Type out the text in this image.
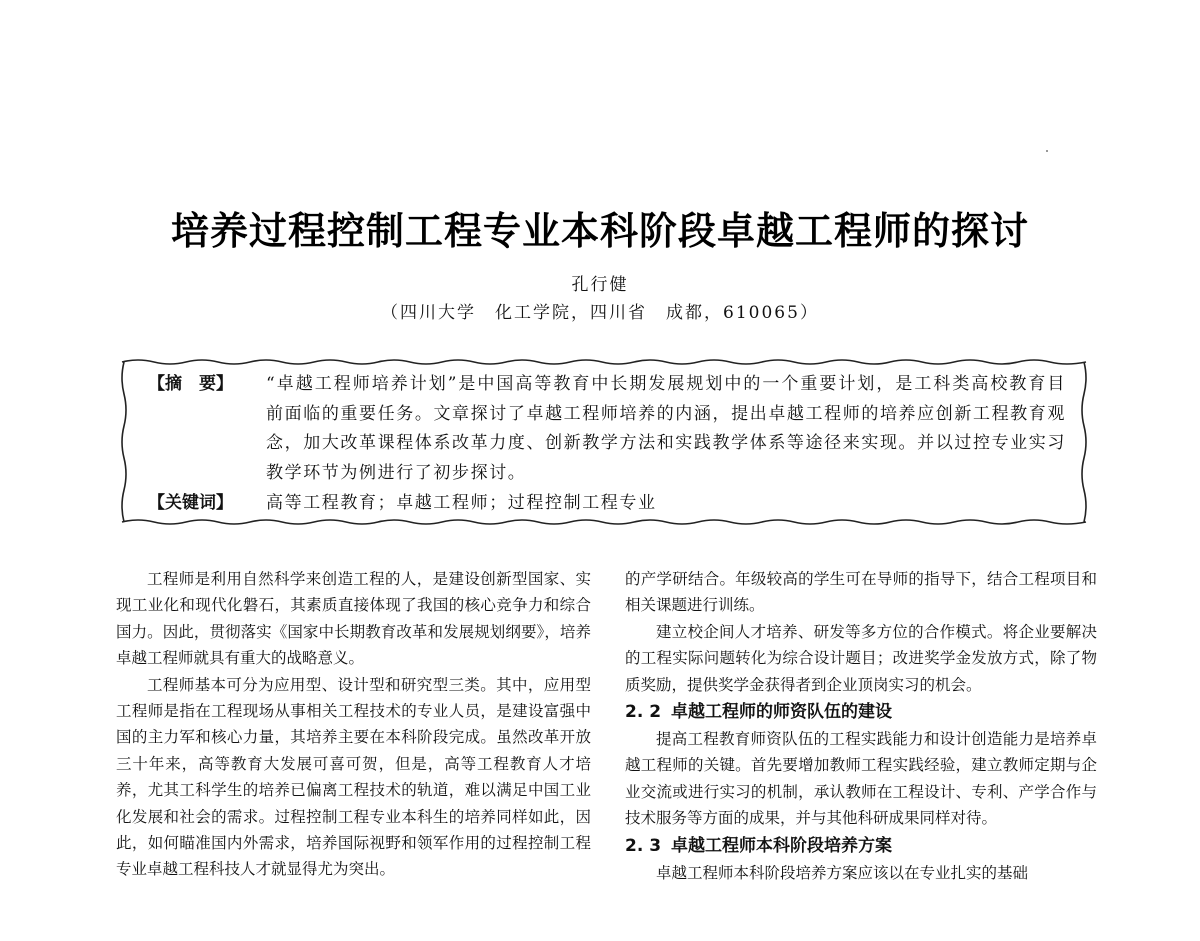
培养过程控制工程专业本科阶段卓越工程师的探讨
孔行健
（四川大学　化工学院，四川省　成都，610065）
【摘　要】 “卓越工程师培养计划”是中国高等教育中长期发展规划中的一个重要计划，是工科类高校教育目前面临的重要任务。文章探讨了卓越工程师培养的内涵，提出卓越工程师的培养应创新工程教育观念，加大改革课程体系改革力度、创新教学方法和实践教学体系等途径来实现。并以过控专业实习教学环节为例进行了初步探讨。
【关键词】 高等工程教育；卓越工程师；过程控制工程专业

工程师是利用自然科学来创造工程的人，是建设创新型国家、实现工业化和现代化磐石，其素质直接体现了我国的核心竞争力和综合国力。因此，贯彻落实《国家中长期教育改革和发展规划纲要》，培养卓越工程师就具有重大的战略意义。

工程师基本可分为应用型、设计型和研究型三类。其中，应用型工程师是指在工程现场从事相关工程技术的专业人员，是建设富强中国的主力军和核心力量，其培养主要在本科阶段完成。虽然改革开放三十年来，高等教育大发展可喜可贺，但是，高等工程教育人才培养，尤其工科学生的培养已偏离工程技术的轨道，难以满足中国工业化发展和社会的需求。过程控制工程专业本科生的培养同样如此，因此，如何瞄准国内外需求，培养国际视野和领军作用的过程控制工程专业卓越工程科技人才就显得尤为突出。

的产学研结合。年级较高的学生可在导师的指导下，结合工程项目和相关课题进行训练。

建立校企间人才培养、研发等多方位的合作模式。将企业要解决的工程实际问题转化为综合设计题目；改进奖学金发放方式，除了物质奖励，提供奖学金获得者到企业顶岗实习的机会。

2. 2 卓越工程师的师资队伍的建设

提高工程教育师资队伍的工程实践能力和设计创造能力是培养卓越工程师的关键。首先要增加教师工程实践经验，建立教师定期与企业交流或进行实习的机制，承认教师在工程设计、专利、产学合作与技术服务等方面的成果，并与其他科研成果同样对待。

2. 3 卓越工程师本科阶段培养方案

卓越工程师本科阶段培养方案应该以在专业扎实的基础
